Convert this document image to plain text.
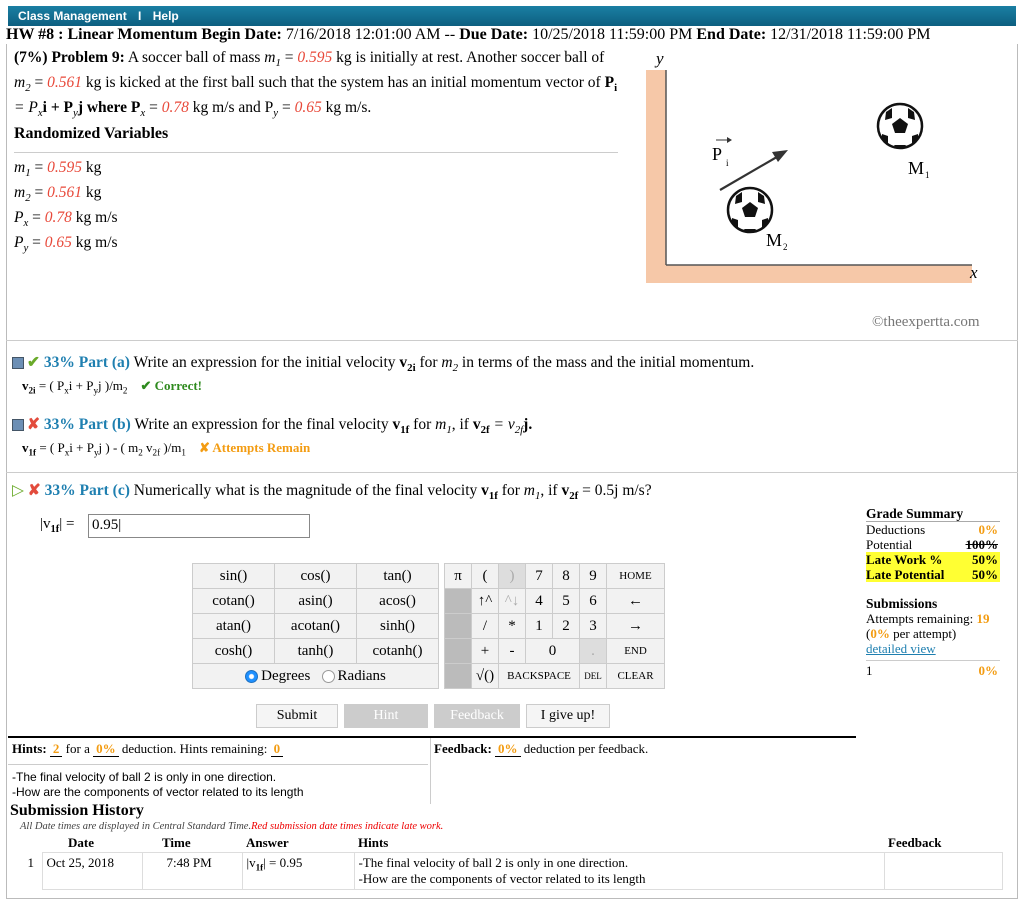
Class Management I Help
HW #8 : Linear Momentum Begin Date: 7/16/2018 12:01:00 AM -- Due Date: 10/25/2018 11:59:00 PM End Date: 12/31/2018 11:59:00 PM
(7%) Problem 9: A soccer ball of mass $m_1 = 0.595$ kg is initially at rest. Another soccer ball of $m_2 = 0.561$ kg is kicked at the first ball such that the system has an initial momentum vector of $P_i = P_xi + P_yj$ where $P_x = 0.78$ kg m/s and $P_y = 0.65$ kg m/s.
Randomized Variables
$m_1 = 0.595$ kg
$m_2 = 0.561$ kg
$P_x = 0.78$ kg m/s
$P_y = 0.65$ kg m/s
y
x
P i
M 2
M 1
©theexpertta.com
✔ 33% Part (a) Write an expression for the initial velocity $v_{2i}$ for $m_2$ in terms of the mass and the initial momentum.
$v_{2i}$ = ( $P_xi + P_yj$ )$/m_2$ ✔ Correct!
✘ 33% Part (b) Write an expression for the final velocity $v_{1f}$ for $m_1$, if $v_{2f} = v_{2f}j$.
$v_{1f}$ = ( $P_xi + P_yj$ ) - ( $m_2$ $v_{2f}$ )$/m_1$ ✘ Attempts Remain
▷ ✘ 33% Part (c) Numerically what is the magnitude of the final velocity $v_{1f}$ for $m_1$, if $v_{2f} = 0.5j$ m/s?
$|v_{1f}| = 0.95|$
sin()	cos()	tan()		π	(	)	7	8	9	HOME
cotan()	asin()	acos()			↑^	^↓	4	5	6	←
atan()	acotan()	sinh()			/	*	1	2	3	→
cosh()	tanh()	cotanh()			+	-	0		.	END
Degrees Radians					√()	BACKSPACE			DEL	CLEAR
Submit	Hint	Feedback	I give up!
Grade Summary
Deductions	0%
Potential	100%
Late Work % 50%
Late Potential 50%
Submissions
Attempts remaining: 19
(0% per attempt)
detailed view
1	0%
Hints: 2 for a 0% deduction. Hints remaining: 0	Feedback: 0% deduction per feedback.
-The final velocity of ball 2 is only in one direction.
-How are the components of vector related to its length
Submission History
All Date times are displayed in Central Standard Time.Red submission date times indicate late work.
	Date	Time	Answer	Hints	Feedback
1	Oct 25, 2018	7:48 PM	$|v_{1f}| = 0.95$	-The final velocity of ball 2 is only in one direction.
-How are the components of vector related to its length	
